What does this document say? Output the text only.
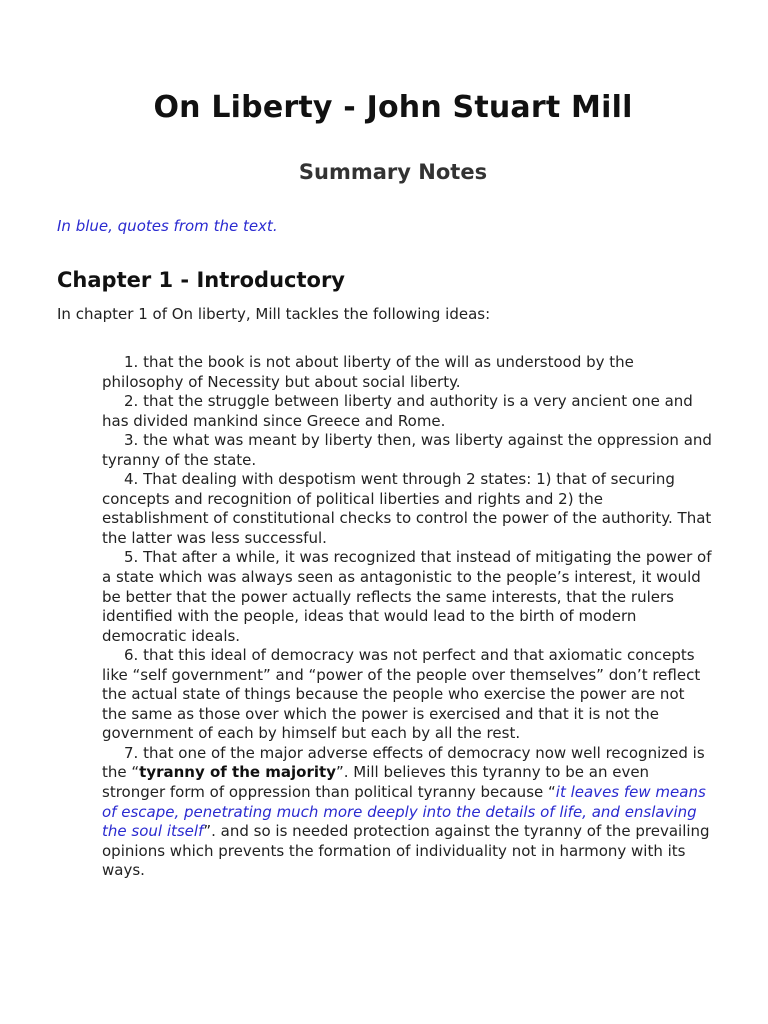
On Liberty - John Stuart Mill
Summary Notes

In blue, quotes from the text.

Chapter 1 - Introductory

In chapter 1 of On liberty, Mill tackles the following ideas:

1. that the book is not about liberty of the will as understood by the philosophy of Necessity but about social liberty.

2. that the struggle between liberty and authority is a very ancient one and has divided mankind since Greece and Rome.

3. the what was meant by liberty then, was liberty against the oppression and tyranny of the state.

4. That dealing with despotism went through 2 states: 1) that of securing concepts and recognition of political liberties and rights and 2) the establishment of constitutional checks to control the power of the authority. That the latter was less successful.

5. That after a while, it was recognized that instead of mitigating the power of a state which was always seen as antagonistic to the people’s interest, it would be better that the power actually reflects the same interests, that the rulers identified with the people, ideas that would lead to the birth of modern democratic ideals.

6. that this ideal of democracy was not perfect and that axiomatic concepts like “self government” and “power of the people over themselves” don’t reflect the actual state of things because the people who exercise the power are not the same as those over which the power is exercised and that it is not the government of each by himself but each by all the rest.

7. that one of the major adverse effects of democracy now well recognized is the “tyranny of the majority”. Mill believes this tyranny to be an even stronger form of oppression than political tyranny because “it leaves few means of escape, penetrating much more deeply into the details of life, and enslaving the soul itself”. and so is needed protection against the tyranny of the prevailing opinions which prevents the formation of individuality not in harmony with its ways.
